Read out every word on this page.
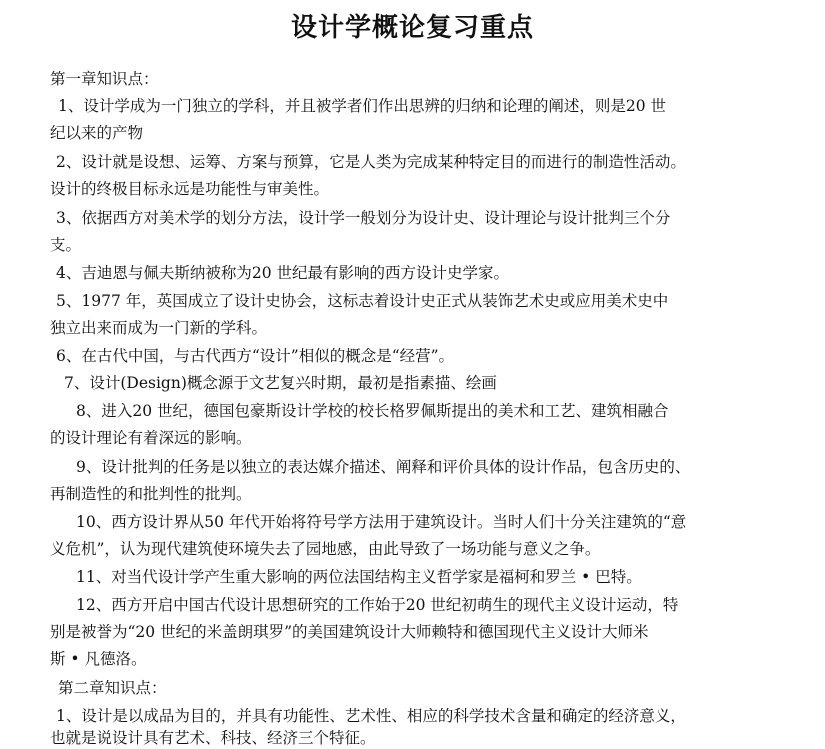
设计学概论复习重点
第一章知识点：
1、设计学成为一门独立的学科，并且被学者们作出思辨的归纳和论理的阐述，则是20 世
纪以来的产物
2、设计就是设想、运筹、方案与预算，它是人类为完成某种特定目的而进行的制造性活动。
设计的终极目标永远是功能性与审美性。
3、依据西方对美术学的划分方法，设计学一般划分为设计史、设计理论与设计批判三个分
支。
4、吉迪恩与佩夫斯纳被称为20 世纪最有影响的西方设计史学家。
5、1977 年，英国成立了设计史协会，这标志着设计史正式从装饰艺术史或应用美术史中
独立出来而成为一门新的学科。
6、在古代中国，与古代西方“设计”相似的概念是“经营”。
7、设计(Design)概念源于文艺复兴时期，最初是指素描、绘画
8、进入20 世纪，德国包豪斯设计学校的校长格罗佩斯提出的美术和工艺、建筑相融合
的设计理论有着深远的影响。
9、设计批判的任务是以独立的表达媒介描述、阐释和评价具体的设计作品，包含历史的、
再制造性的和批判性的批判。
10、西方设计界从50 年代开始将符号学方法用于建筑设计。当时人们十分关注建筑的“意
义危机”，认为现代建筑使环境失去了园地感，由此导致了一场功能与意义之争。
11、对当代设计学产生重大影响的两位法国结构主义哲学家是福柯和罗兰 • 巴特。
12、西方开启中国古代设计思想研究的工作始于20 世纪初萌生的现代主义设计运动，特
别是被誉为“20 世纪的米盖朗琪罗”的美国建筑设计大师赖特和德国现代主义设计大师米
斯 • 凡德洛。
第二章知识点：
1、设计是以成品为目的，并具有功能性、艺术性、相应的科学技术含量和确定的经济意义，
也就是说设计具有艺术、科技、经济三个特征。
